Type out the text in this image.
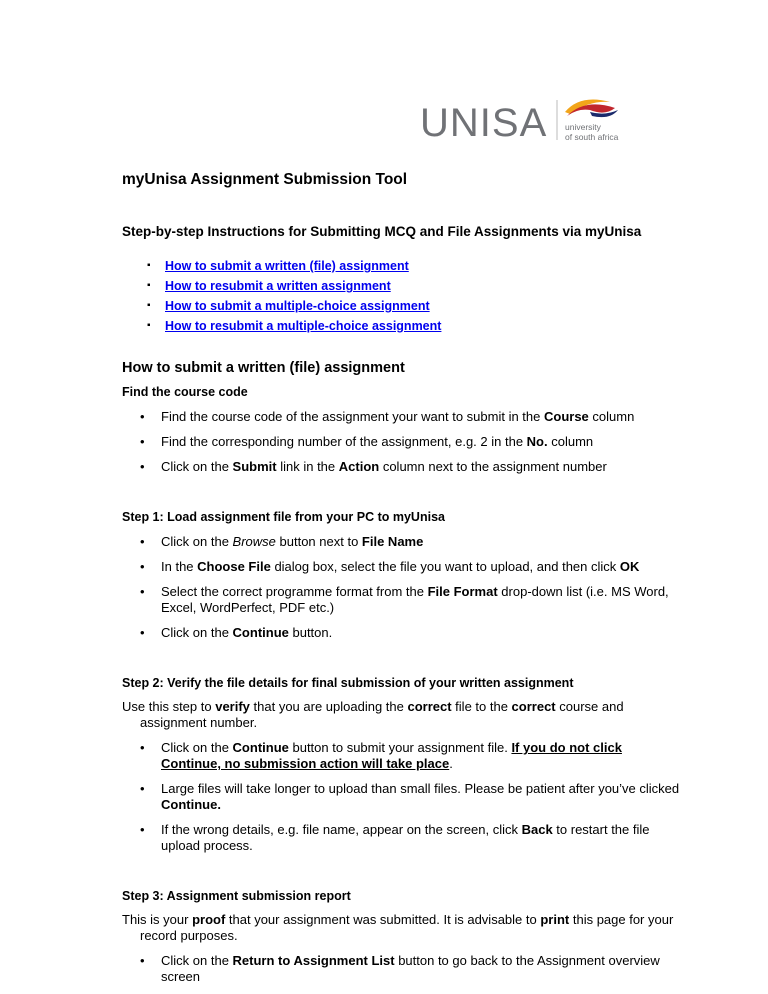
UNISA university
of south africa
myUnisa Assignment Submission Tool
Step-by-step Instructions for Submitting MCQ and File Assignments via myUnisa
▪ How to submit a written (file) assignment
▪ How to resubmit a written assignment
▪ How to submit a multiple-choice assignment
▪ How to resubmit a multiple-choice assignment
How to submit a written (file) assignment
Find the course code
• Find the course code of the assignment your want to submit in the Course column
• Find the corresponding number of the assignment, e.g. 2 in the No. column
• Click on the Submit link in the Action column next to the assignment number
Step 1: Load assignment file from your PC to myUnisa
• Click on the Browse button next to File Name
• In the Choose File dialog box, select the file you want to upload, and then click OK
• Select the correct programme format from the File Format drop-down list (i.e. MS Word, Excel, WordPerfect, PDF etc.)
• Click on the Continue button.
Step 2: Verify the file details for final submission of your written assignment
Use this step to verify that you are uploading the correct file to the correct course and assignment number.
• Click on the Continue button to submit your assignment file. If you do not click Continue, no submission action will take place.
• Large files will take longer to upload than small files. Please be patient after you’ve clicked Continue.
• If the wrong details, e.g. file name, appear on the screen, click Back to restart the file upload process.
Step 3: Assignment submission report
This is your proof that your assignment was submitted. It is advisable to print this page for your record purposes.
• Click on the Return to Assignment List button to go back to the Assignment overview screen
